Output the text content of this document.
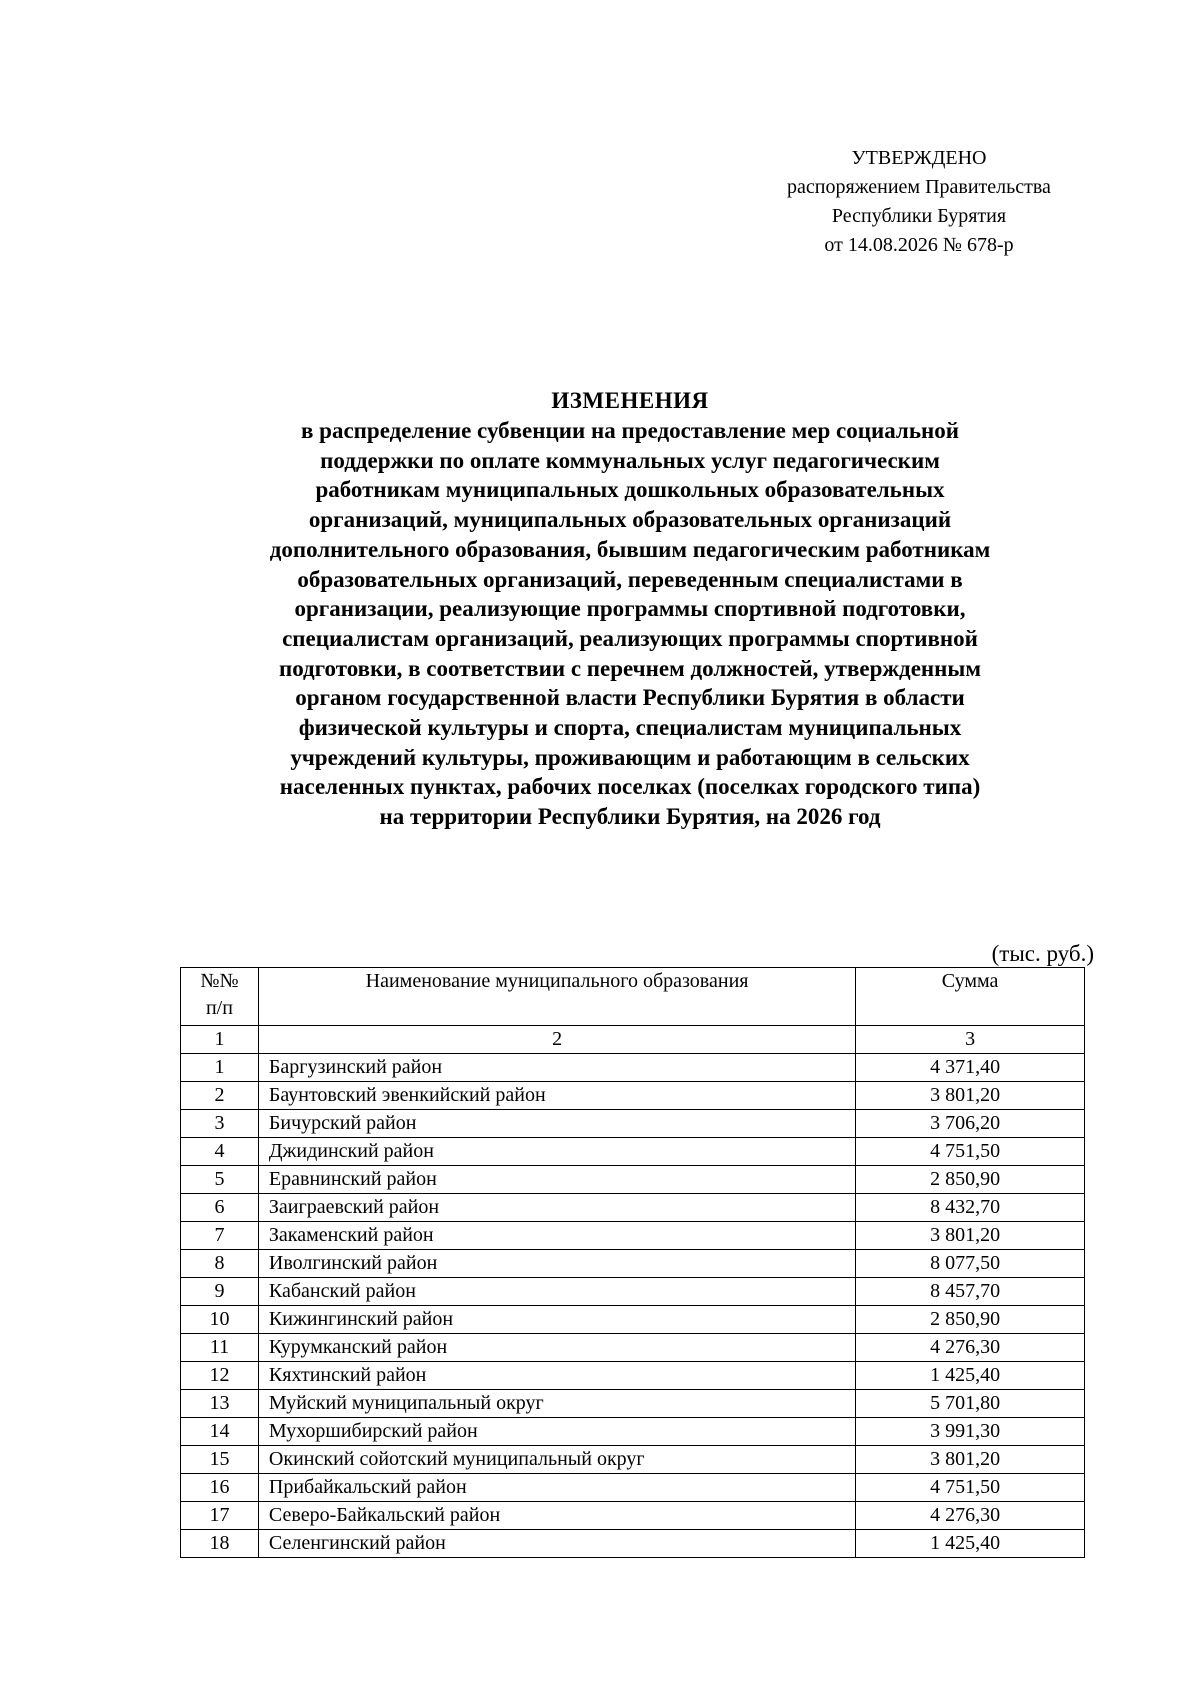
УТВЕРЖДЕНО
распоряжением Правительства
Республики Бурятия
от 14.08.2026 № 678-р
ИЗМЕНЕНИЯ
в распределение субвенции на предоставление мер социальной
поддержки по оплате коммунальных услуг педагогическим
работникам муниципальных дошкольных образовательных
организаций, муниципальных образовательных организаций
дополнительного образования, бывшим педагогическим работникам
образовательных организаций, переведенным специалистами в
организации, реализующие программы спортивной подготовки,
специалистам организаций, реализующих программы спортивной
подготовки, в соответствии с перечнем должностей, утвержденным
органом государственной власти Республики Бурятия в области
физической культуры и спорта, специалистам муниципальных
учреждений культуры, проживающим и работающим в сельских
населенных пунктах, рабочих поселках (поселках городского типа)
на территории Республики Бурятия, на 2026 год
(тыс. руб.)
№№
п/п	Наименование муниципального образования	Сумма
1	2	3
1	Баргузинский район	4 371,40
2	Баунтовский эвенкийский район	3 801,20
3	Бичурский район	3 706,20
4	Джидинский район	4 751,50
5	Еравнинский район	2 850,90
6	Заиграевский район	8 432,70
7	Закаменский район	3 801,20
8	Иволгинский район	8 077,50
9	Кабанский район	8 457,70
10	Кижингинский район	2 850,90
11	Курумканский район	4 276,30
12	Кяхтинский район	1 425,40
13	Муйский муниципальный округ	5 701,80
14	Мухоршибирский район	3 991,30
15	Окинский сойотский муниципальный округ	3 801,20
16	Прибайкальский район	4 751,50
17	Северо-Байкальский район	4 276,30
18	Селенгинский район	1 425,40
